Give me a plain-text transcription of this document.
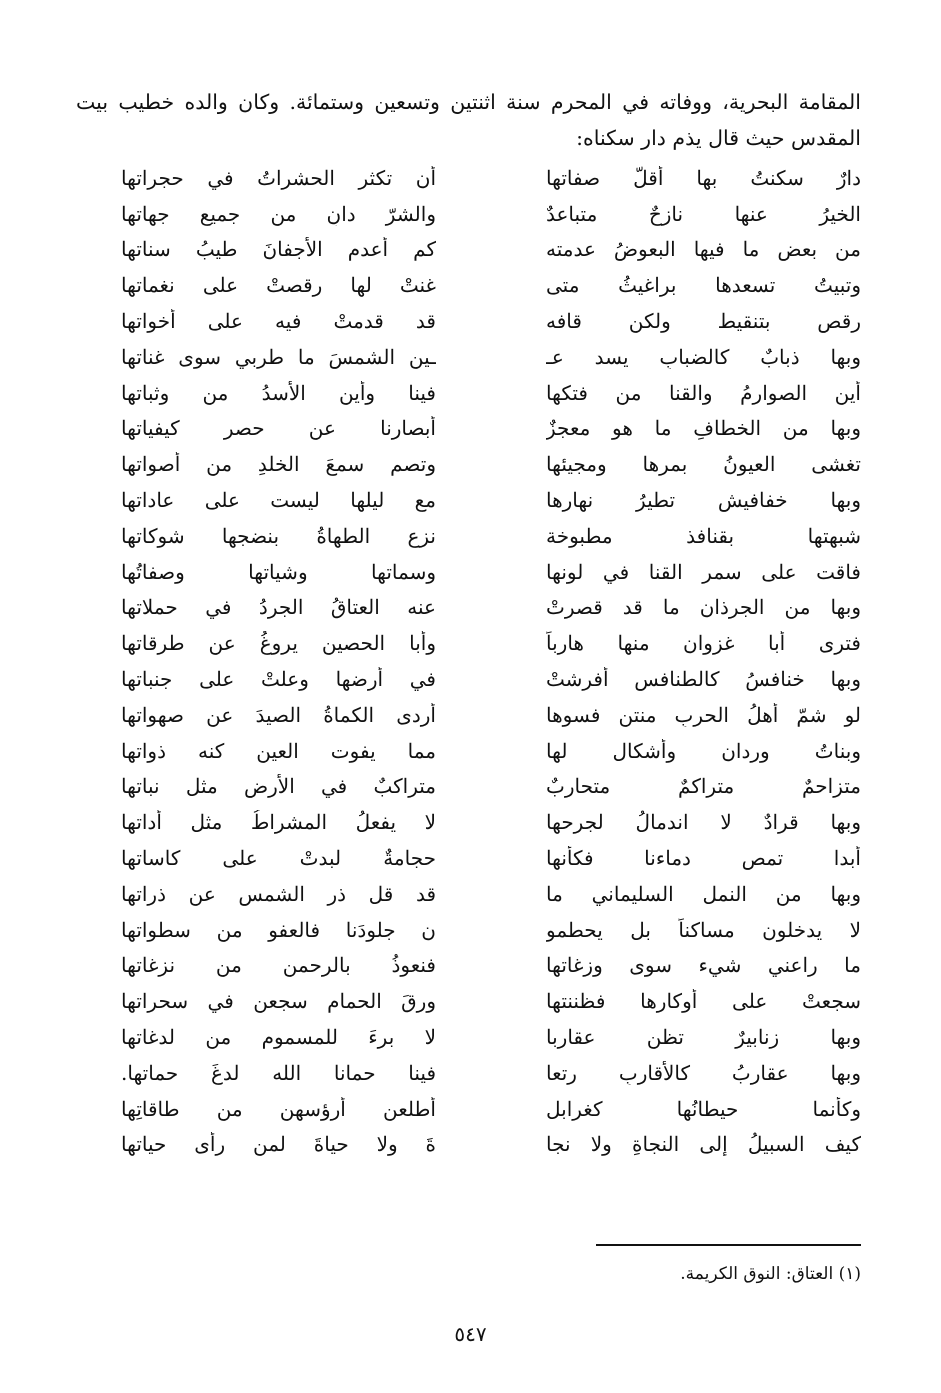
المقامة البحرية، ووفاته في المحرم سنة اثنتين وتسعين وستمائة. وكان والده خطيب بيت المقدس حيث قال يذم دار سكناه:
دارٌ سكنتُ بها أقلّ صفاتها
أن تكثر الحشراتُ في حجراتها
الخيرُ عنها نازحٌ متباعدٌ
والشرّ دانٍ من جميع جهاتها
من بعض ما فيها البعوضُ عدمته
كم أعدم الأجفانَ طيبُ سناتها
وتبيتُ تسعدها براغيثُ متى
غنتْ لها رقصتْ على نغماتها
رقص بتنقيط ولكن قافه
قد قدمتْ فيه على أخواتها
وبها ذبابٌ كالضبابِ يسد عـ
ـين الشمسَ ما طربي سوى غناتها
أين الصوارمُ والقنا من فتكها
فينا وأين الأسدُ من وثباتها
وبها من الخطافِ ما هو معجزٌ
أبصارنا عن حصر كيفياتها
تغشى العيونُ بمرها ومجيئها
وتصم سمعَ الخلدِ من أصواتها
وبها خفافيش تطيرُ نهارها
مع ليلها ليست على عاداتها
شبهتها بقنافذ مطبوخة
نزع الطهاةُ بنضجها شوكاتها
فاقت على سمر القنا في لونها
وسماتها وشياتها وصفاتُها
وبها من الجرذان ما قد قصرتْ
عنه العتاقُ الجردُ في حملاتها
فترى أبا غزوان منها هارباً
وأبا الحصين يروغُ عن طرقاتها
وبها خنافسُ كالطنافس أفرشتْ
في أرضها وعلتْ على جنباتها
لو شمّ أهلُ الحربِ منتن فسوها
أردى الكماةُ الصيدَ عن صهواتها
وبناتُ وردان وأشكال لها
مما يفوت العين كنه ذواتها
متزاحمٌ متراكمٌ متحاربٌ
متراكبٌ في الأرضِ مثل نباتها
وبها قرادٌ لا اندمالُ لجرحها
لا يفعلُ المشراطُ مثل أداتها
أبدا تمص دماءنا فكأنها
حجامةٌ لبدتْ على كاساتها
وبها من النمل السليماني ما
قد قل ذر الشمسِ عن ذراتها
لا يدخلون مساكناً بل يحطمو
ن جلودَنا فالعفو من سطواتها
ما راعني شيء سوى وزغاتها
فنعوذُ بالرحمنِ من نزغاتها
سجعتْ على أوكارِها فظننتها
ورقَ الحمامِ سجعن في سحراتها
وبها زنابيرٌ تظن عقاربا
لا برءَ للمسمومِ من لدغاتها
وبها عقاربُ كالأقاربِ رتعا
فينا حمانا الله لدغَ حماتها.
وكأنما حيطانُها كغرابل
أطلعن أرؤسهن من طاقاتِها
كيف السبيلُ إلى النجاةِ ولا نجا
ةَ ولا حياةَ لمن رأى حياتها
(١) العتاق: النوق الكريمة.
٥٤٧
